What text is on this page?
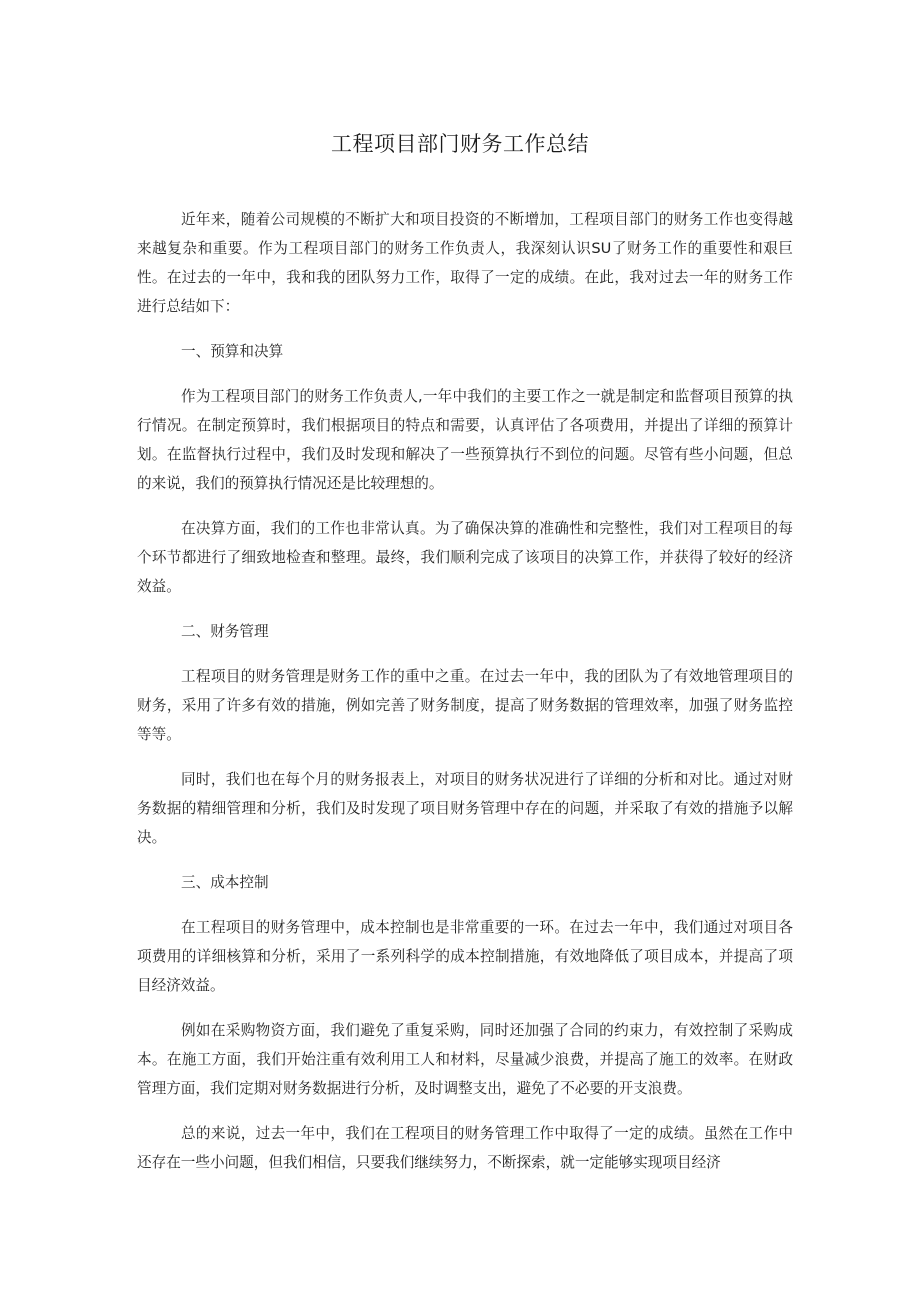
工程项目部门财务工作总结

近年来，随着公司规模的不断扩大和项目投资的不断增加，工程项目部门的财务工作也变得越来越复杂和重要。作为工程项目部门的财务工作负责人，我深刻认识SU了财务工作的重要性和艰巨性。在过去的一年中，我和我的团队努力工作，取得了一定的成绩。在此，我对过去一年的财务工作进行总结如下：

一、预算和决算

作为工程项目部门的财务工作负责人,一年中我们的主要工作之一就是制定和监督项目预算的执行情况。在制定预算时，我们根据项目的特点和需要，认真评估了各项费用，并提出了详细的预算计划。在监督执行过程中，我们及时发现和解决了一些预算执行不到位的问题。尽管有些小问题，但总的来说，我们的预算执行情况还是比较理想的。

在决算方面，我们的工作也非常认真。为了确保决算的准确性和完整性，我们对工程项目的每个环节都进行了细致地检查和整理。最终，我们顺利完成了该项目的决算工作，并获得了较好的经济效益。

二、财务管理

工程项目的财务管理是财务工作的重中之重。在过去一年中，我的团队为了有效地管理项目的财务，采用了许多有效的措施，例如完善了财务制度，提高了财务数据的管理效率，加强了财务监控等等。

同时，我们也在每个月的财务报表上，对项目的财务状况进行了详细的分析和对比。通过对财务数据的精细管理和分析，我们及时发现了项目财务管理中存在的问题，并采取了有效的措施予以解决。

三、成本控制

在工程项目的财务管理中，成本控制也是非常重要的一环。在过去一年中，我们通过对项目各项费用的详细核算和分析，采用了一系列科学的成本控制措施，有效地降低了项目成本，并提高了项目经济效益。

例如在采购物资方面，我们避免了重复采购，同时还加强了合同的约束力，有效控制了采购成本。在施工方面，我们开始注重有效利用工人和材料，尽量减少浪费，并提高了施工的效率。在财政管理方面，我们定期对财务数据进行分析，及时调整支出，避免了不必要的开支浪费。

总的来说，过去一年中，我们在工程项目的财务管理工作中取得了一定的成绩。虽然在工作中还存在一些小问题，但我们相信，只要我们继续努力，不断探索，就一定能够实现项目经济
